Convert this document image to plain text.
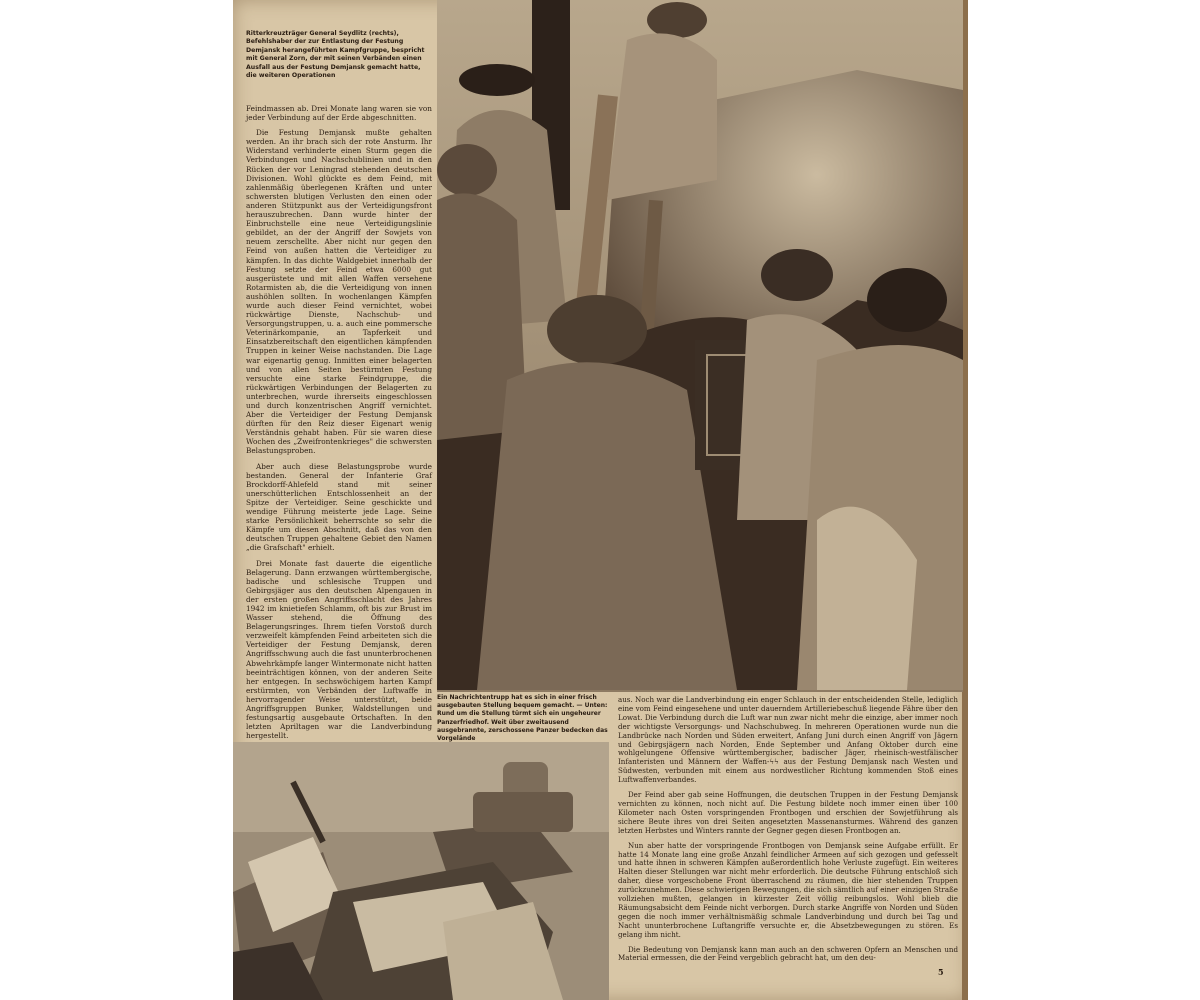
Ritterkreuzträger General Seydlitz (rechts), Befehlshaber der zur Entlastung der Festung Demjansk herangeführten Kampfgruppe, bespricht mit General Zorn, der mit seinen Verbänden einen Ausfall aus der Festung Demjansk gemacht hatte, die weiteren Operationen

Feindmassen ab. Drei Monate lang waren sie von jeder Verbindung auf der Erde abgeschnitten.

Die Festung Demjansk mußte gehalten werden. An ihr brach sich der rote Ansturm. Ihr Widerstand verhinderte einen Sturm gegen die Verbindungen und Nachschublinien und in den Rücken der vor Leningrad stehenden deutschen Divisionen. Wohl glückte es dem Feind, mit zahlenmäßig überlegenen Kräften und unter schwersten blutigen Verlusten den einen oder anderen Stützpunkt aus der Verteidigungsfront herauszubrechen. Dann wurde hinter der Einbruchstelle eine neue Verteidigungslinie gebildet, an der der Angriff der Sowjets von neuem zerschellte. Aber nicht nur gegen den Feind von außen hatten die Verteidiger zu kämpfen. In das dichte Waldgebiet innerhalb der Festung setzte der Feind etwa 6000 gut ausgerüstete und mit allen Waffen versehene Rotarmisten ab, die die Verteidigung von innen aushöhlen sollten. In wochenlangen Kämpfen wurde auch dieser Feind vernichtet, wobei rückwärtige Dienste, Nachschub- und Versorgungstruppen, u. a. auch eine pommersche Veterinärkompanie, an Tapferkeit und Einsatzbereitschaft den eigentlichen kämpfenden Truppen in keiner Weise nachstanden. Die Lage war eigenartig genug. Inmitten einer belagerten und von allen Seiten bestürmten Festung versuchte eine starke Feindgruppe, die rückwärtigen Verbindungen der Belagerten zu unterbrechen, wurde ihrerseits eingeschlossen und durch konzentrischen Angriff vernichtet. Aber die Verteidiger der Festung Demjansk dürften für den Reiz dieser Eigenart wenig Verständnis gehabt haben. Für sie waren diese Wochen des „Zweifrontenkrieges" die schwersten Belastungsproben.

Aber auch diese Belastungsprobe wurde bestanden. General der Infanterie Graf Brockdorff-Ahlefeld stand mit seiner unerschütterlichen Entschlossenheit an der Spitze der Verteidiger. Seine geschickte und wendige Führung meisterte jede Lage. Seine starke Persönlichkeit beherrschte so sehr die Kämpfe um diesen Abschnitt, daß das von den deutschen Truppen gehaltene Gebiet den Namen „die Grafschaft" erhielt.

Drei Monate fast dauerte die eigentliche Belagerung. Dann erzwangen württembergische, badische und schlesische Truppen und Gebirgsjäger aus den deutschen Alpengauen in der ersten großen Angriffsschlacht des Jahres 1942 im knietiefen Schlamm, oft bis zur Brust im Wasser stehend, die Öffnung des Belagerungsringes. Ihrem tiefen Vorstoß durch verzweifelt kämpfenden Feind arbeiteten sich die Verteidiger der Festung Demjansk, deren Angriffsschwung auch die fast ununterbrochenen Abwehrkämpfe langer Wintermonate nicht hatten beeinträchtigen können, von der anderen Seite her entgegen. In sechswöchigem harten Kampf erstürmten, von Verbänden der Luftwaffe in hervorragender Weise unterstützt, beide Angriffsgruppen Bunker, Waldstellungen und festungsartig ausgebaute Ortschaften. In den letzten Apriltagen war die Landverbindung hergestellt.

Ein Nachrichtentrupp hat es sich in einer frisch ausgebauten Stellung bequem gemacht. — Unten: Rund um die Stellung türmt sich ein ungeheurer Panzerfriedhof. Weit über zweitausend ausgebrannte, zerschossene Panzer bedecken das Vorgelände

aus. Noch war die Landverbindung ein enger Schlauch in der entscheidenden Stelle, lediglich eine vom Feind eingesehene und unter dauerndem Artilleriebeschuß liegende Fähre über den Lowat. Die Verbindung durch die Luft war nun zwar nicht mehr die einzige, aber immer noch der wichtigste Versorgungs- und Nachschubweg. In mehreren Operationen wurde nun die Landbrücke nach Norden und Süden erweitert, Anfang Juni durch einen Angriff von Jägern und Gebirgsjägern nach Norden, Ende September und Anfang Oktober durch eine wohlgelungene Offensive württembergischer, badischer Jäger, rheinisch-westfälischer Infanteristen und Männern der Waffen-ϟϟ aus der Festung Demjansk nach Westen und Südwesten, verbunden mit einem aus nordwestlicher Richtung kommenden Stoß eines Luftwaffenverbandes.

Der Feind aber gab seine Hoffnungen, die deutschen Truppen in der Festung Demjansk vernichten zu können, noch nicht auf. Die Festung bildete noch immer einen über 100 Kilometer nach Osten vorspringenden Frontbogen und erschien der Sowjetführung als sichere Beute ihres von drei Seiten angesetzten Massenansturmes. Während des ganzen letzten Herbstes und Winters rannte der Gegner gegen diesen Frontbogen an.

Nun aber hatte der vorspringende Frontbogen von Demjansk seine Aufgabe erfüllt. Er hatte 14 Monate lang eine große Anzahl feindlicher Armeen auf sich gezogen und gefesselt und hatte ihnen in schweren Kämpfen außerordentlich hohe Verluste zugefügt. Ein weiteres Halten dieser Stellungen war nicht mehr erforderlich. Die deutsche Führung entschloß sich daher, diese vorgeschobene Front überraschend zu räumen, die hier stehenden Truppen zurückzunehmen. Diese schwierigen Bewegungen, die sich sämtlich auf einer einzigen Straße vollziehen mußten, gelangen in kürzester Zeit völlig reibungslos. Wohl blieb die Räumungsabsicht dem Feinde nicht verborgen. Durch starke Angriffe von Norden und Süden gegen die noch immer verhältnismäßig schmale Landverbindung und durch bei Tag und Nacht ununterbrochene Luftangriffe versuchte er, die Absetzbewegungen zu stören. Es gelang ihm nicht.

Die Bedeutung von Demjansk kann man auch an den schweren Opfern an Menschen und Material ermessen, die der Feind vergeblich gebracht hat, um den deu-

5
